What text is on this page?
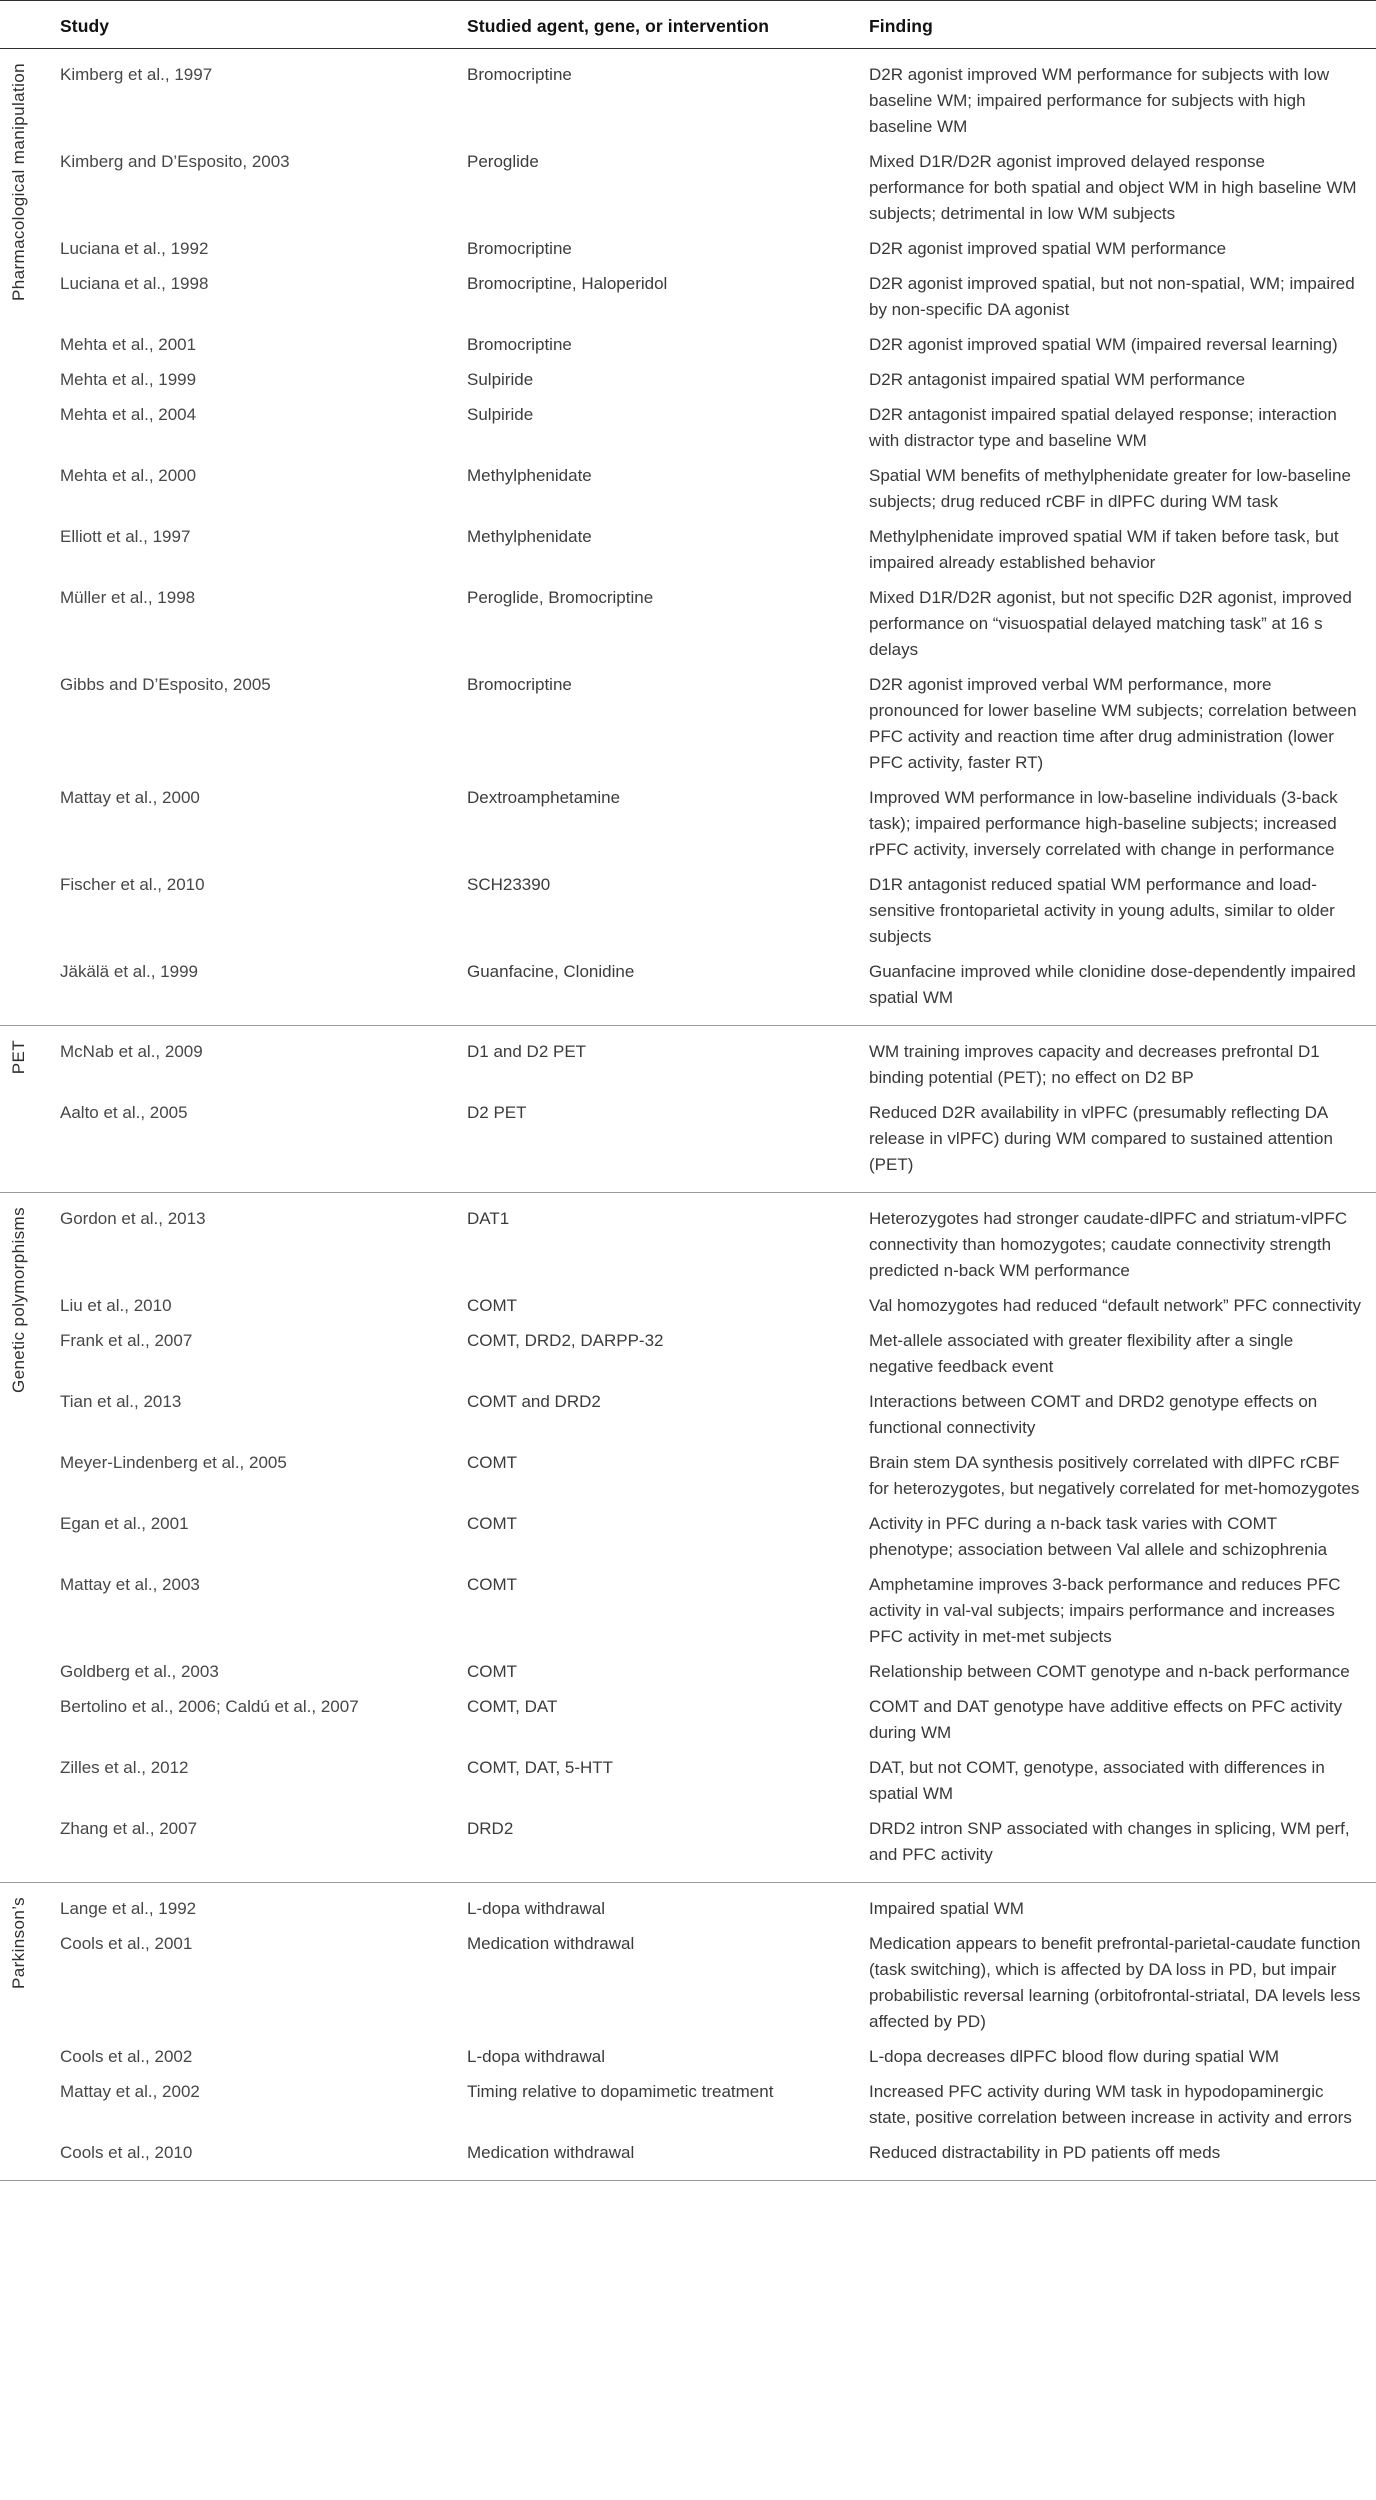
Study	Studied agent, gene, or intervention	Finding
Pharmacological manipulation Kimberg et al., 1997	Bromocriptine	D2R agonist improved WM performance for subjects with low baseline WM; impaired performance for subjects with high baseline WM
Kimberg and D’Esposito, 2003	Peroglide	Mixed D1R/D2R agonist improved delayed response performance for both spatial and object WM in high baseline WM subjects; detrimental in low WM subjects
Luciana et al., 1992	Bromocriptine	D2R agonist improved spatial WM performance
Luciana et al., 1998	Bromocriptine, Haloperidol	D2R agonist improved spatial, but not non-spatial, WM; impaired by non-specific DA agonist
Mehta et al., 2001	Bromocriptine	D2R agonist improved spatial WM (impaired reversal learning)
Mehta et al., 1999	Sulpiride	D2R antagonist impaired spatial WM performance
Mehta et al., 2004	Sulpiride	D2R antagonist impaired spatial delayed response; interaction with distractor type and baseline WM
Mehta et al., 2000	Methylphenidate	Spatial WM benefits of methylphenidate greater for low-baseline subjects; drug reduced rCBF in dlPFC during WM task
Elliott et al., 1997	Methylphenidate	Methylphenidate improved spatial WM if taken before task, but impaired already established behavior
Müller et al., 1998	Peroglide, Bromocriptine	Mixed D1R/D2R agonist, but not specific D2R agonist, improved performance on “visuospatial delayed matching task” at 16 s delays
Gibbs and D’Esposito, 2005	Bromocriptine	D2R agonist improved verbal WM performance, more pronounced for lower baseline WM subjects; correlation between PFC activity and reaction time after drug administration (lower PFC activity, faster RT)
Mattay et al., 2000	Dextroamphetamine	Improved WM performance in low-baseline individuals (3-back task); impaired performance high-baseline subjects; increased rPFC activity, inversely correlated with change in performance
Fischer et al., 2010	SCH23390	D1R antagonist reduced spatial WM performance and load-sensitive frontoparietal activity in young adults, similar to older subjects
Jäkälä et al., 1999	Guanfacine, Clonidine	Guanfacine improved while clonidine dose-dependently impaired spatial WM
PET McNab et al., 2009	D1 and D2 PET	WM training improves capacity and decreases prefrontal D1 binding potential (PET); no effect on D2 BP
Aalto et al., 2005	D2 PET	Reduced D2R availability in vlPFC (presumably reflecting DA release in vlPFC) during WM compared to sustained attention (PET)
Genetic polymorphisms Gordon et al., 2013	DAT1	Heterozygotes had stronger caudate-dlPFC and striatum-vlPFC connectivity than homozygotes; caudate connectivity strength predicted n-back WM performance
Liu et al., 2010	COMT	Val homozygotes had reduced “default network” PFC connectivity
Frank et al., 2007	COMT, DRD2, DARPP-32	Met-allele associated with greater flexibility after a single negative feedback event
Tian et al., 2013	COMT and DRD2	Interactions between COMT and DRD2 genotype effects on functional connectivity
Meyer-Lindenberg et al., 2005	COMT	Brain stem DA synthesis positively correlated with dlPFC rCBF for heterozygotes, but negatively correlated for met-homozygotes
Egan et al., 2001	COMT	Activity in PFC during a n-back task varies with COMT phenotype; association between Val allele and schizophrenia
Mattay et al., 2003	COMT	Amphetamine improves 3-back performance and reduces PFC activity in val-val subjects; impairs performance and increases PFC activity in met-met subjects
Goldberg et al., 2003	COMT	Relationship between COMT genotype and n-back performance
Bertolino et al., 2006; Caldú et al., 2007	COMT, DAT	COMT and DAT genotype have additive effects on PFC activity during WM
Zilles et al., 2012	COMT, DAT, 5-HTT	DAT, but not COMT, genotype, associated with differences in spatial WM
Zhang et al., 2007	DRD2	DRD2 intron SNP associated with changes in splicing, WM perf, and PFC activity
Parkinson’s Lange et al., 1992	L-dopa withdrawal	Impaired spatial WM
Cools et al., 2001	Medication withdrawal	Medication appears to benefit prefrontal-parietal-caudate function (task switching), which is affected by DA loss in PD, but impair probabilistic reversal learning (orbitofrontal-striatal, DA levels less affected by PD)
Cools et al., 2002	L-dopa withdrawal	L-dopa decreases dlPFC blood flow during spatial WM
Mattay et al., 2002	Timing relative to dopamimetic treatment	Increased PFC activity during WM task in hypodopaminergic state, positive correlation between increase in activity and errors
Cools et al., 2010	Medication withdrawal	Reduced distractability in PD patients off meds
